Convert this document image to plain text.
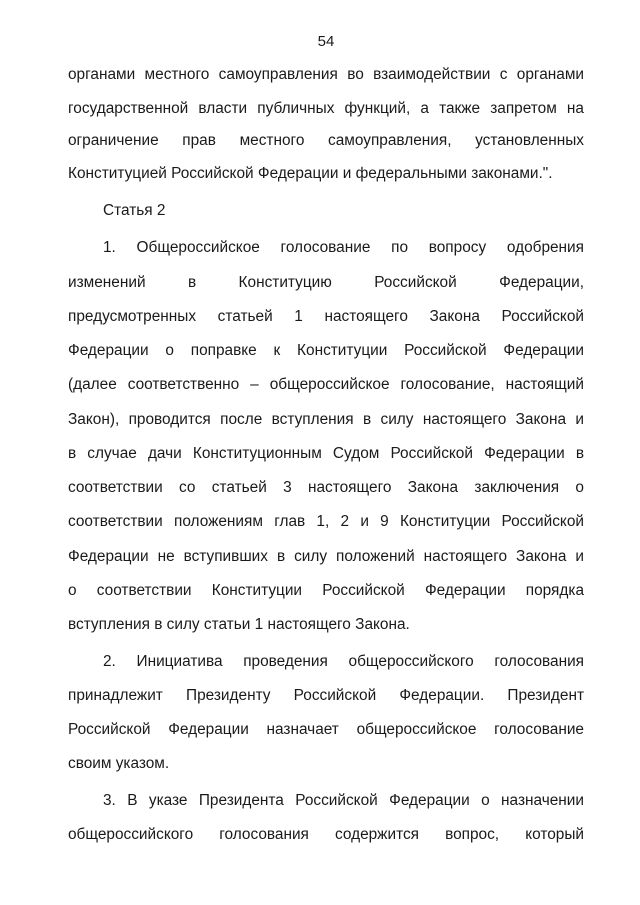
54
органами местного самоуправления во взаимодействии с органами
государственной власти публичных функций, а также запретом на
ограничение прав местного самоуправления, установленных
Конституцией Российской Федерации и федеральными законами.".
Статья 2
1. Общероссийское голосование по вопросу одобрения
изменений в Конституцию Российской Федерации,
предусмотренных статьей 1 настоящего Закона Российской
Федерации о поправке к Конституции Российской Федерации
(далее соответственно – общероссийское голосование, настоящий
Закон), проводится после вступления в силу настоящего Закона и
в случае дачи Конституционным Судом Российской Федерации в
соответствии со статьей 3 настоящего Закона заключения о
соответствии положениям глав 1, 2 и 9 Конституции Российской
Федерации не вступивших в силу положений настоящего Закона и
о соответствии Конституции Российской Федерации порядка
вступления в силу статьи 1 настоящего Закона.
2. Инициатива проведения общероссийского голосования
принадлежит Президенту Российской Федерации. Президент
Российской Федерации назначает общероссийское голосование
своим указом.
3. В указе Президента Российской Федерации о назначении
общероссийского голосования содержится вопрос, который
